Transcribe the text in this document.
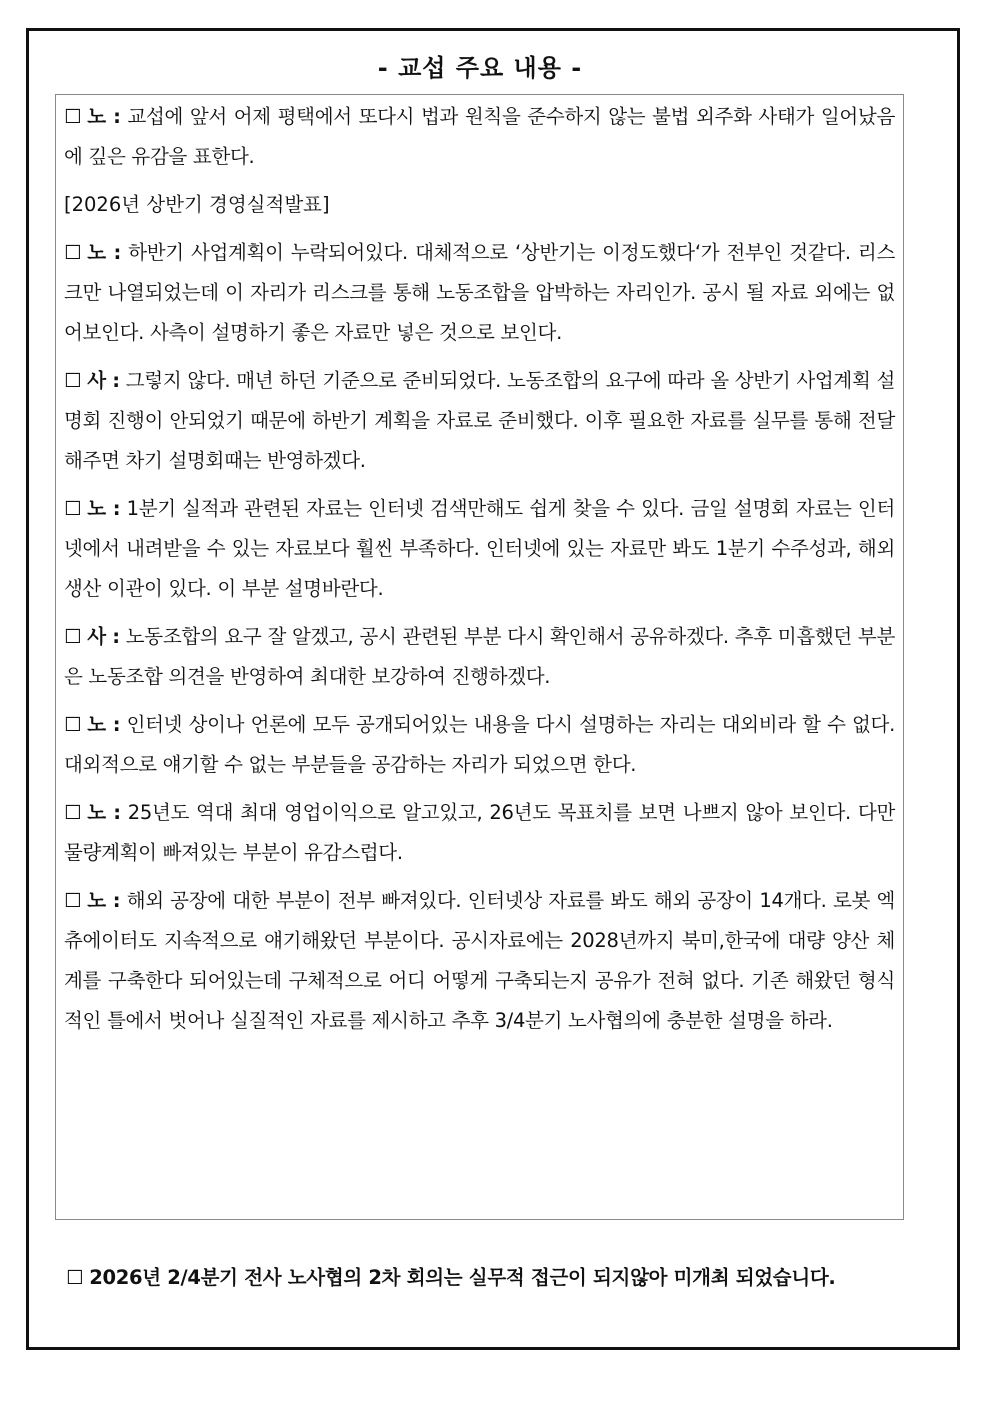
- 교섭 주요 내용 -

☐ 노 : 교섭에 앞서 어제 평택에서 또다시 법과 원칙을 준수하지 않는 불법 외주화 사태가 일어났음에 깊은 유감을 표한다.

[2026년 상반기 경영실적발표]

☐ 노 : 하반기 사업계획이 누락되어있다. 대체적으로 ‘상반기는 이정도했다‘가 전부인 것같다. 리스크만 나열되었는데 이 자리가 리스크를 통해 노동조합을 압박하는 자리인가. 공시 될 자료 외에는 없어보인다. 사측이 설명하기 좋은 자료만 넣은 것으로 보인다.

☐ 사 : 그렇지 않다. 매년 하던 기준으로 준비되었다. 노동조합의 요구에 따라 올 상반기 사업계획 설명회 진행이 안되었기 때문에 하반기 계획을 자료로 준비했다. 이후 필요한 자료를 실무를 통해 전달해주면 차기 설명회때는 반영하겠다.

☐ 노 : 1분기 실적과 관련된 자료는 인터넷 검색만해도 쉽게 찾을 수 있다. 금일 설명회 자료는 인터넷에서 내려받을 수 있는 자료보다 훨씬 부족하다. 인터넷에 있는 자료만 봐도 1분기 수주성과, 해외 생산 이관이 있다. 이 부분 설명바란다.

☐ 사 : 노동조합의 요구 잘 알겠고, 공시 관련된 부분 다시 확인해서 공유하겠다. 추후 미흡했던 부분은 노동조합 의견을 반영하여 최대한 보강하여 진행하겠다.

☐ 노 : 인터넷 상이나 언론에 모두 공개되어있는 내용을 다시 설명하는 자리는 대외비라 할 수 없다. 대외적으로 얘기할 수 없는 부분들을 공감하는 자리가 되었으면 한다.

☐ 노 : 25년도 역대 최대 영업이익으로 알고있고, 26년도 목표치를 보면 나쁘지 않아 보인다. 다만 물량계획이 빠져있는 부분이 유감스럽다.

☐ 노 : 해외 공장에 대한 부분이 전부 빠져있다. 인터넷상 자료를 봐도 해외 공장이 14개다. 로봇 엑츄에이터도 지속적으로 얘기해왔던 부분이다. 공시자료에는 2028년까지 북미,한국에 대량 양산 체계를 구축한다 되어있는데 구체적으로 어디 어떻게 구축되는지 공유가 전혀 없다. 기존 해왔던 형식적인 틀에서 벗어나 실질적인 자료를 제시하고 추후 3/4분기 노사협의에 충분한 설명을 하라.

☐ 2026년 2/4분기 전사 노사협의 2차 회의는 실무적 접근이 되지않아 미개최 되었습니다.
